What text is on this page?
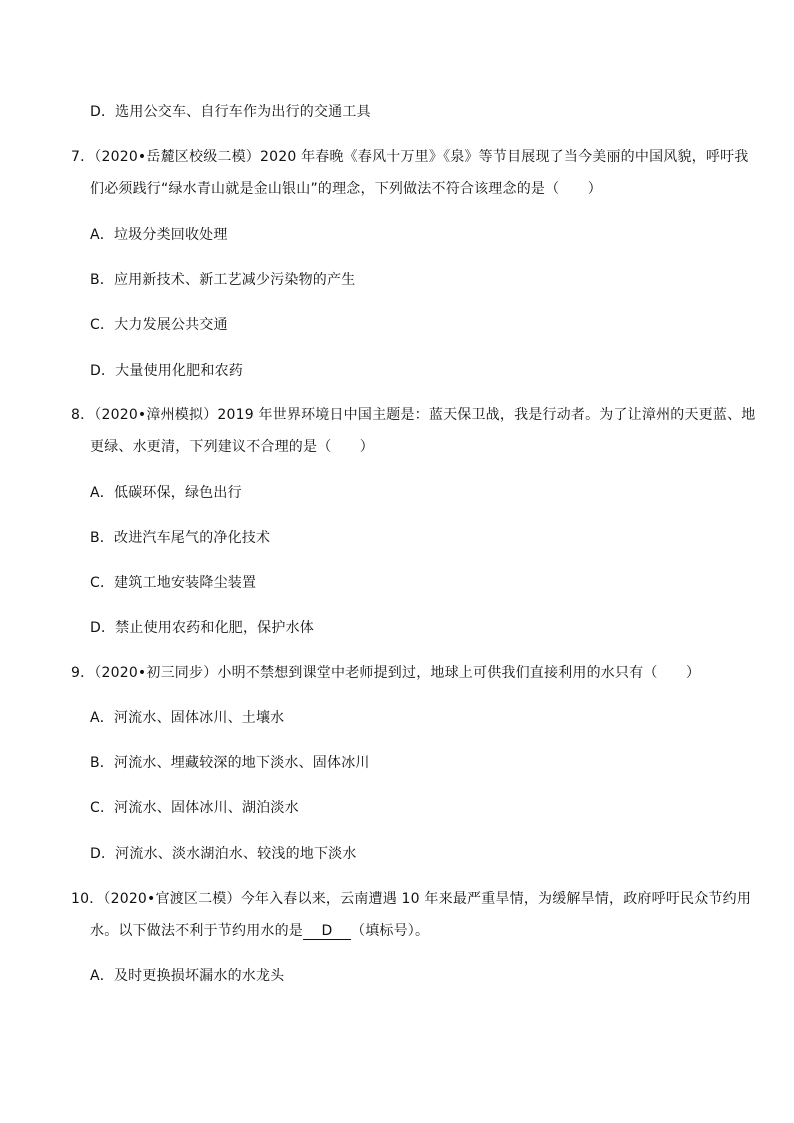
D．选用公交车、自行车作为出行的交通工具
7．（2020•岳麓区校级二模）2020 年春晚《春风十万里》《泉》等节目展现了当今美丽的中国风貌，呼吁我
们必须践行“绿水青山就是金山银山”的理念，下列做法不符合该理念的是（　　）
A．垃圾分类回收处理
B．应用新技术、新工艺减少污染物的产生
C．大力发展公共交通
D．大量使用化肥和农药
8．（2020•漳州模拟）2019 年世界环境日中国主题是：蓝天保卫战，我是行动者。为了让漳州的天更蓝、地
更绿、水更清，下列建议不合理的是（　　）
A．低碳环保，绿色出行
B．改进汽车尾气的净化技术
C．建筑工地安装降尘装置
D．禁止使用农药和化肥，保护水体
9．（2020•初三同步）小明不禁想到课堂中老师提到过，地球上可供我们直接利用的水只有（　　）
A．河流水、固体冰川、土壤水
B．河流水、埋藏较深的地下淡水、固体冰川
C．河流水、固体冰川、湖泊淡水
D．河流水、淡水湖泊水、较浅的地下淡水
10．（2020•官渡区二模）今年入春以来，云南遭遇 10 年来最严重旱情，为缓解旱情，政府呼吁民众节约用
水。以下做法不利于节约用水的是 D （填标号）。
A．及时更换损坏漏水的水龙头
